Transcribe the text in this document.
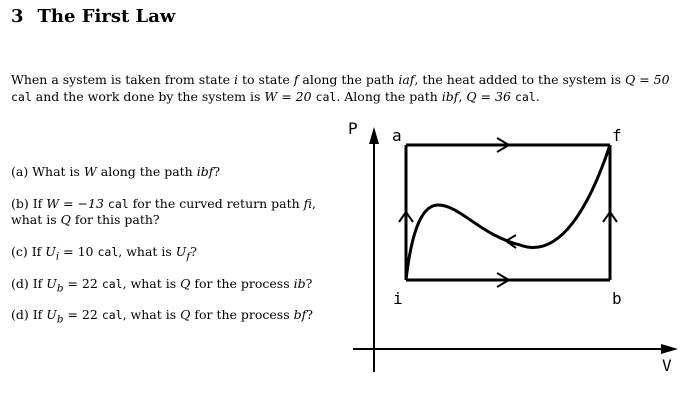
3 The First Law
When a system is taken from state i to state f along the path iaf, the heat added to the system is Q = 50 cal and the work done by the system is W = 20 cal. Along the path ibf, Q = 36 cal.
(a) What is W along the path ibf?
(b) If W = −13 cal for the curved return path fi, what is Q for this path?
(c) If $U_i = 10$ cal, what is $U_f$?
(d) If $U_b = 22$ cal, what is Q for the process ib?
(d) If $U_b = 22$ cal, what is Q for the process bf?
P
V
a	f
i	b
